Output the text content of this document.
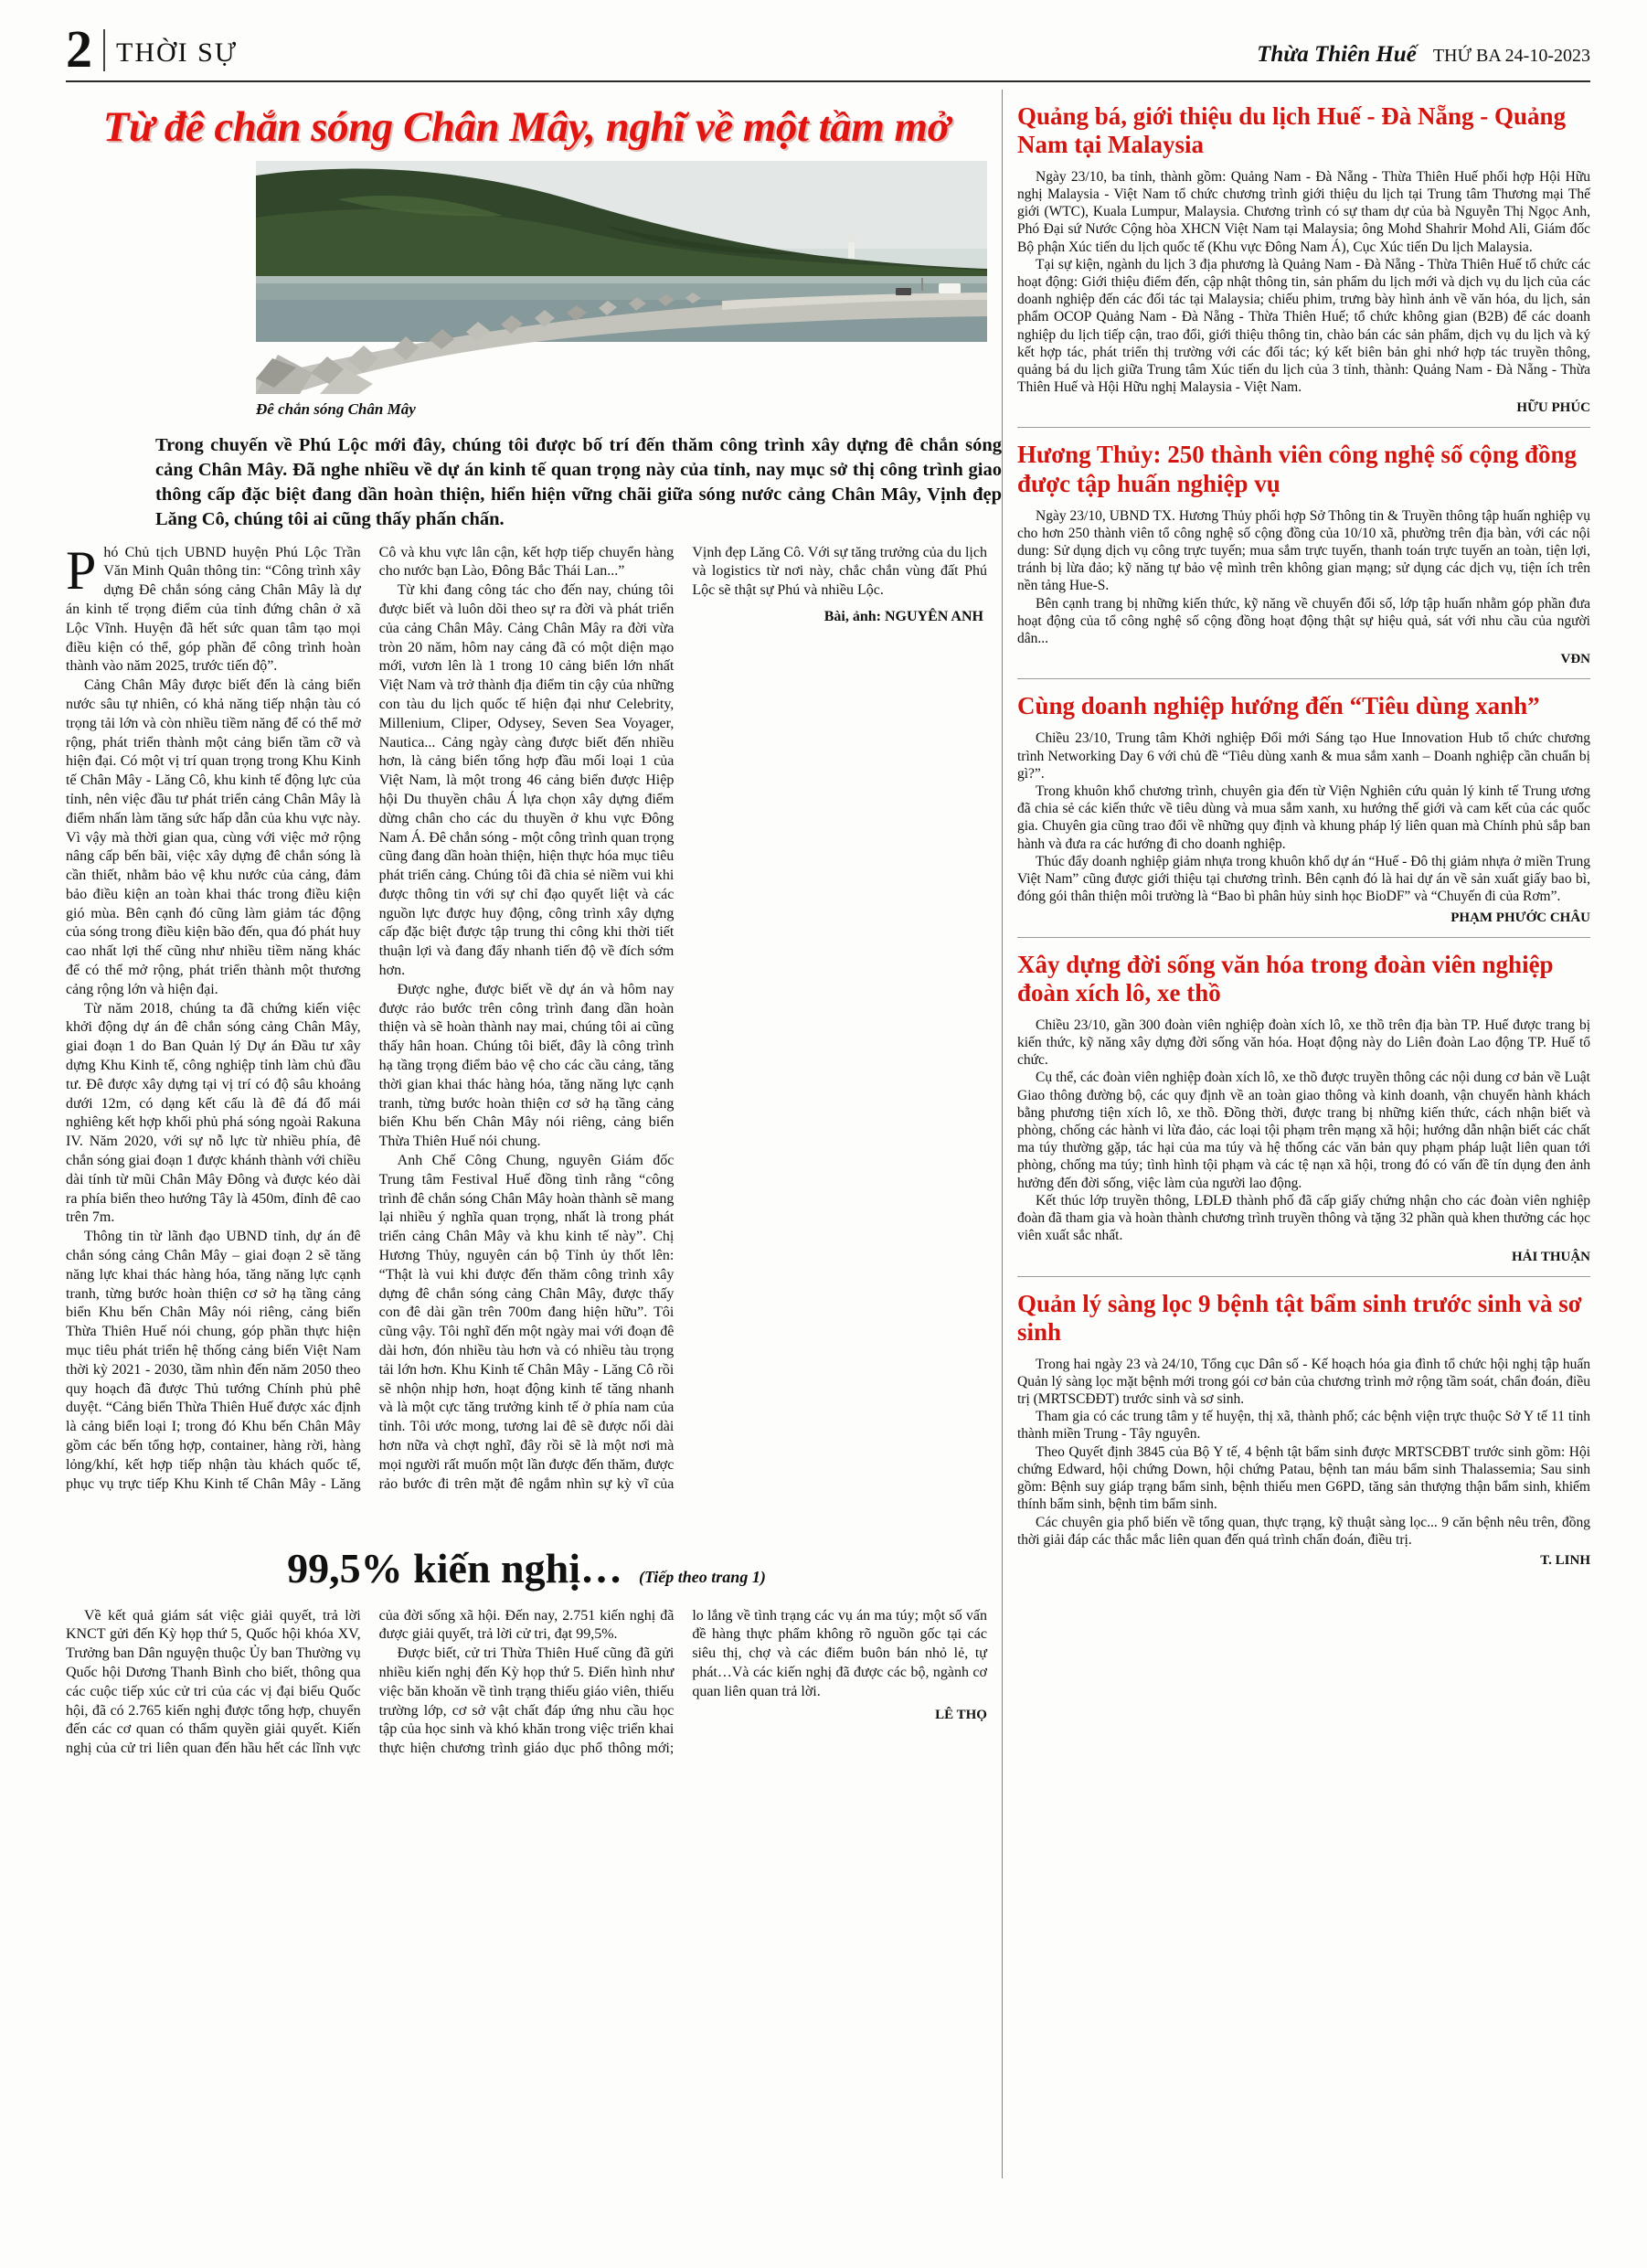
2 THỜI SỰ	Thừa Thiên Huế THỨ BA 24-10-2023
Từ đê chắn sóng Chân Mây, nghĩ về một tầm mở
Đê chắn sóng Chân Mây

Trong chuyến về Phú Lộc mới đây, chúng tôi được bố trí đến thăm công trình xây dựng đê chắn sóng cảng Chân Mây. Đã nghe nhiều về dự án kinh tế quan trọng này của tỉnh, nay mục sở thị công trình giao thông cấp đặc biệt đang dần hoàn thiện, hiển hiện vững chãi giữa sóng nước cảng Chân Mây, Vịnh đẹp Lăng Cô, chúng tôi ai cũng thấy phấn chấn.

Phó Chủ tịch UBND huyện Phú Lộc Trần Văn Minh Quân thông tin: “Công trình xây dựng Đê chắn sóng cảng Chân Mây là dự án kinh tế trọng điểm của tỉnh đứng chân ở xã Lộc Vĩnh. Huyện đã hết sức quan tâm tạo mọi điều kiện có thể, góp phần để công trình hoàn thành vào năm 2025, trước tiến độ”.

Cảng Chân Mây được biết đến là cảng biển nước sâu tự nhiên, có khả năng tiếp nhận tàu có trọng tải lớn và còn nhiều tiềm năng để có thể mở rộng, phát triển thành một cảng biển tầm cỡ và hiện đại. Có một vị trí quan trọng trong Khu Kinh tế Chân Mây - Lăng Cô, khu kinh tế động lực của tỉnh, nên việc đầu tư phát triển cảng Chân Mây là điểm nhấn làm tăng sức hấp dẫn của khu vực này. Vì vậy mà thời gian qua, cùng với việc mở rộng nâng cấp bến bãi, việc xây dựng đê chắn sóng là cần thiết, nhằm bảo vệ khu nước của cảng, đảm bảo điều kiện an toàn khai thác trong điều kiện gió mùa. Bên cạnh đó cũng làm giảm tác động của sóng trong điều kiện bão đến, qua đó phát huy cao nhất lợi thế cũng như nhiều tiềm năng khác để có thể mở rộng, phát triển thành một thương cảng rộng lớn và hiện đại.

Từ năm 2018, chúng ta đã chứng kiến việc khởi động dự án đê chắn sóng cảng Chân Mây, giai đoạn 1 do Ban Quản lý Dự án Đầu tư xây dựng Khu Kinh tế, công nghiệp tỉnh làm chủ đầu tư. Đê được xây dựng tại vị trí có độ sâu khoảng dưới 12m, có dạng kết cấu là đê đá đổ mái nghiêng kết hợp khối phủ phá sóng ngoài Rakuna IV. Năm 2020, với sự nỗ lực từ nhiều phía, đê chắn sóng giai đoạn 1 được khánh thành với chiều dài tính từ mũi Chân Mây Đông và được kéo dài ra phía biển theo hướng Tây là 450m, đỉnh đê cao trên 7m.

Thông tin từ lãnh đạo UBND tỉnh, dự án đê chắn sóng cảng Chân Mây – giai đoạn 2 sẽ tăng năng lực khai thác hàng hóa, tăng năng lực cạnh tranh, từng bước hoàn thiện cơ sở hạ tầng cảng biển Khu bến Chân Mây nói riêng, cảng biển Thừa Thiên Huế nói chung, góp phần thực hiện mục tiêu phát triển hệ thống cảng biển Việt Nam thời kỳ 2021 - 2030, tầm nhìn đến năm 2050 theo quy hoạch đã được Thủ tướng Chính phủ phê duyệt. “Cảng biển Thừa Thiên Huế được xác định là cảng biển loại I; trong đó Khu bến Chân Mây gồm các bến tổng hợp, container, hàng rời, hàng lỏng/khí, kết hợp tiếp nhận tàu khách quốc tế, phục vụ trực tiếp Khu Kinh tế Chân Mây - Lăng Cô và khu vực lân cận, kết hợp tiếp chuyển hàng cho nước bạn Lào, Đông Bắc Thái Lan...”

Từ khi đang công tác cho đến nay, chúng tôi được biết và luôn dõi theo sự ra đời và phát triển của cảng Chân Mây. Cảng Chân Mây ra đời vừa tròn 20 năm, hôm nay cảng đã có một diện mạo mới, vươn lên là 1 trong 10 cảng biển lớn nhất Việt Nam và trở thành địa điểm tin cậy của những con tàu du lịch quốc tế hiện đại như Celebrity, Millenium, Cliper, Odysey, Seven Sea Voyager, Nautica... Cảng ngày càng được biết đến nhiều hơn, là cảng biển tổng hợp đầu mối loại 1 của Việt Nam, là một trong 46 cảng biển được Hiệp hội Du thuyền châu Á lựa chọn xây dựng điểm dừng chân cho các du thuyền ở khu vực Đông Nam Á. Đê chắn sóng - một công trình quan trọng cũng đang dần hoàn thiện, hiện thực hóa mục tiêu phát triển cảng. Chúng tôi đã chia sẻ niềm vui khi được thông tin với sự chỉ đạo quyết liệt và các nguồn lực được huy động, công trình xây dựng cấp đặc biệt được tập trung thi công khi thời tiết thuận lợi và đang đẩy nhanh tiến độ về đích sớm hơn.

Được nghe, được biết về dự án và hôm nay được rảo bước trên công trình đang dần hoàn thiện và sẽ hoàn thành nay mai, chúng tôi ai cũng thấy hân hoan. Chúng tôi biết, đây là công trình hạ tầng trọng điểm bảo vệ cho các cầu cảng, tăng thời gian khai thác hàng hóa, tăng năng lực cạnh tranh, từng bước hoàn thiện cơ sở hạ tầng cảng biển Khu bến Chân Mây nói riêng, cảng biển Thừa Thiên Huế nói chung.

Anh Chế Công Chung, nguyên Giám đốc Trung tâm Festival Huế đồng tình rằng “công trình đê chắn sóng Chân Mây hoàn thành sẽ mang lại nhiều ý nghĩa quan trọng, nhất là trong phát triển cảng Chân Mây và khu kinh tế này”. Chị Hương Thủy, nguyên cán bộ Tỉnh ủy thốt lên: “Thật là vui khi được đến thăm công trình xây dựng đê chắn sóng cảng Chân Mây, được thấy con đê dài gần trên 700m đang hiện hữu”. Tôi cũng vậy. Tôi nghĩ đến một ngày mai với đoạn đê dài hơn, đón nhiều tàu hơn và có nhiều tàu trọng tải lớn hơn. Khu Kinh tế Chân Mây - Lăng Cô rồi sẽ nhộn nhịp hơn, hoạt động kinh tế tăng nhanh và là một cực tăng trưởng kinh tế ở phía nam của tỉnh. Tôi ước mong, tương lai đê sẽ được nối dài hơn nữa và chợt nghĩ, đây rồi sẽ là một nơi mà mọi người rất muốn một lần được đến thăm, được rảo bước đi trên mặt đê ngắm nhìn sự kỳ vĩ của Vịnh đẹp Lăng Cô. Với sự tăng trưởng của du lịch và logistics từ nơi này, chắc chắn vùng đất Phú Lộc sẽ thật sự Phú và nhiều Lộc.

Bài, ảnh: NGUYÊN ANH
99,5% kiến nghị… (Tiếp theo trang 1)

Về kết quả giám sát việc giải quyết, trả lời KNCT gửi đến Kỳ họp thứ 5, Quốc hội khóa XV, Trưởng ban Dân nguyện thuộc Ủy ban Thường vụ Quốc hội Dương Thanh Bình cho biết, thông qua các cuộc tiếp xúc cử tri của các vị đại biểu Quốc hội, đã có 2.765 kiến nghị được tổng hợp, chuyển đến các cơ quan có thẩm quyền giải quyết. Kiến nghị của cử tri liên quan đến hầu hết các lĩnh vực của đời sống xã hội. Đến nay, 2.751 kiến nghị đã được giải quyết, trả lời cử tri, đạt 99,5%.

Được biết, cử tri Thừa Thiên Huế cũng đã gửi nhiều kiến nghị đến Kỳ họp thứ 5. Điển hình như việc băn khoăn về tình trạng thiếu giáo viên, thiếu trường lớp, cơ sở vật chất đáp ứng nhu cầu học tập của học sinh và khó khăn trong việc triển khai thực hiện chương trình giáo dục phổ thông mới; lo lắng về tình trạng các vụ án ma túy; một số vấn đề hàng thực phẩm không rõ nguồn gốc tại các siêu thị, chợ và các điểm buôn bán nhỏ lẻ, tự phát…Và các kiến nghị đã được các bộ, ngành cơ quan liên quan trả lời.

LÊ THỌ
Quảng bá, giới thiệu du lịch Huế - Đà Nẵng - Quảng Nam tại Malaysia

Ngày 23/10, ba tỉnh, thành gồm: Quảng Nam - Đà Nẵng - Thừa Thiên Huế phối hợp Hội Hữu nghị Malaysia - Việt Nam tổ chức chương trình giới thiệu du lịch tại Trung tâm Thương mại Thế giới (WTC), Kuala Lumpur, Malaysia. Chương trình có sự tham dự của bà Nguyễn Thị Ngọc Anh, Phó Đại sứ Nước Cộng hòa XHCN Việt Nam tại Malaysia; ông Mohd Shahrir Mohd Ali, Giám đốc Bộ phận Xúc tiến du lịch quốc tế (Khu vực Đông Nam Á), Cục Xúc tiến Du lịch Malaysia.

Tại sự kiện, ngành du lịch 3 địa phương là Quảng Nam - Đà Nẵng - Thừa Thiên Huế tổ chức các hoạt động: Giới thiệu điểm đến, cập nhật thông tin, sản phẩm du lịch mới và dịch vụ du lịch của các doanh nghiệp đến các đối tác tại Malaysia; chiếu phim, trưng bày hình ảnh về văn hóa, du lịch, sản phẩm OCOP Quảng Nam - Đà Nẵng - Thừa Thiên Huế; tổ chức không gian (B2B) để các doanh nghiệp du lịch tiếp cận, trao đổi, giới thiệu thông tin, chào bán các sản phẩm, dịch vụ du lịch và ký kết hợp tác, phát triển thị trường với các đối tác; ký kết biên bản ghi nhớ hợp tác truyền thông, quảng bá du lịch giữa Trung tâm Xúc tiến du lịch của 3 tỉnh, thành: Quảng Nam - Đà Nẵng - Thừa Thiên Huế và Hội Hữu nghị Malaysia - Việt Nam.

HỮU PHÚC
Hương Thủy: 250 thành viên công nghệ số cộng đồng được tập huấn nghiệp vụ

Ngày 23/10, UBND TX. Hương Thủy phối hợp Sở Thông tin & Truyền thông tập huấn nghiệp vụ cho hơn 250 thành viên tổ công nghệ số cộng đồng của 10/10 xã, phường trên địa bàn, với các nội dung: Sử dụng dịch vụ công trực tuyến; mua sắm trực tuyến, thanh toán trực tuyến an toàn, tiện lợi, tránh bị lừa đảo; kỹ năng tự bảo vệ mình trên không gian mạng; sử dụng các dịch vụ, tiện ích trên nền tảng Hue-S.

Bên cạnh trang bị những kiến thức, kỹ năng về chuyển đổi số, lớp tập huấn nhằm góp phần đưa hoạt động của tổ công nghệ số cộng đồng hoạt động thật sự hiệu quả, sát với nhu cầu của người dân...

VĐN
Cùng doanh nghiệp hướng đến “Tiêu dùng xanh”

Chiều 23/10, Trung tâm Khởi nghiệp Đổi mới Sáng tạo Hue Innovation Hub tổ chức chương trình Networking Day 6 với chủ đề “Tiêu dùng xanh & mua sắm xanh – Doanh nghiệp cần chuẩn bị gì?”.

Trong khuôn khổ chương trình, chuyên gia đến từ Viện Nghiên cứu quản lý kinh tế Trung ương đã chia sẻ các kiến thức về tiêu dùng và mua sắm xanh, xu hướng thế giới và cam kết của các quốc gia. Chuyên gia cũng trao đổi về những quy định và khung pháp lý liên quan mà Chính phủ sắp ban hành và đưa ra các hướng đi cho doanh nghiệp.

Thúc đẩy doanh nghiệp giảm nhựa trong khuôn khổ dự án “Huế - Đô thị giảm nhựa ở miền Trung Việt Nam” cũng được giới thiệu tại chương trình. Bên cạnh đó là hai dự án về sản xuất giấy bao bì, đóng gói thân thiện môi trường là “Bao bì phân hủy sinh học BioDF” và “Chuyến đi của Rơm”.

PHẠM PHƯỚC CHÂU
Xây dựng đời sống văn hóa trong đoàn viên nghiệp đoàn xích lô, xe thồ

Chiều 23/10, gần 300 đoàn viên nghiệp đoàn xích lô, xe thồ trên địa bàn TP. Huế được trang bị kiến thức, kỹ năng xây dựng đời sống văn hóa. Hoạt động này do Liên đoàn Lao động TP. Huế tổ chức.

Cụ thể, các đoàn viên nghiệp đoàn xích lô, xe thồ được truyền thông các nội dung cơ bản về Luật Giao thông đường bộ, các quy định về an toàn giao thông và kinh doanh, vận chuyển hành khách bằng phương tiện xích lô, xe thồ. Đồng thời, được trang bị những kiến thức, cách nhận biết và phòng, chống các hành vi lừa đảo, các loại tội phạm trên mạng xã hội; hướng dẫn nhận biết các chất ma túy thường gặp, tác hại của ma túy và hệ thống các văn bản quy phạm pháp luật liên quan tới phòng, chống ma túy; tình hình tội phạm và các tệ nạn xã hội, trong đó có vấn đề tín dụng đen ảnh hưởng đến đời sống, việc làm của người lao động.

Kết thúc lớp truyền thông, LĐLĐ thành phố đã cấp giấy chứng nhận cho các đoàn viên nghiệp đoàn đã tham gia và hoàn thành chương trình truyền thông và tặng 32 phần quà khen thưởng các học viên xuất sắc nhất.

HẢI THUẬN
Quản lý sàng lọc 9 bệnh tật bẩm sinh trước sinh và sơ sinh

Trong hai ngày 23 và 24/10, Tổng cục Dân số - Kế hoạch hóa gia đình tổ chức hội nghị tập huấn Quản lý sàng lọc mặt bệnh mới trong gói cơ bản của chương trình mở rộng tầm soát, chẩn đoán, điều trị (MRTSCĐĐT) trước sinh và sơ sinh.

Tham gia có các trung tâm y tế huyện, thị xã, thành phố; các bệnh viện trực thuộc Sở Y tế 11 tỉnh thành miền Trung - Tây nguyên.

Theo Quyết định 3845 của Bộ Y tế, 4 bệnh tật bẩm sinh được MRTSCĐBT trước sinh gồm: Hội chứng Edward, hội chứng Down, hội chứng Patau, bệnh tan máu bẩm sinh Thalassemia; Sau sinh gồm: Bệnh suy giáp trạng bẩm sinh, bệnh thiếu men G6PD, tăng sản thượng thận bẩm sinh, khiếm thính bẩm sinh, bệnh tim bẩm sinh.

Các chuyên gia phổ biến về tổng quan, thực trạng, kỹ thuật sàng lọc... 9 căn bệnh nêu trên, đồng thời giải đáp các thắc mắc liên quan đến quá trình chẩn đoán, điều trị.

T. LINH
